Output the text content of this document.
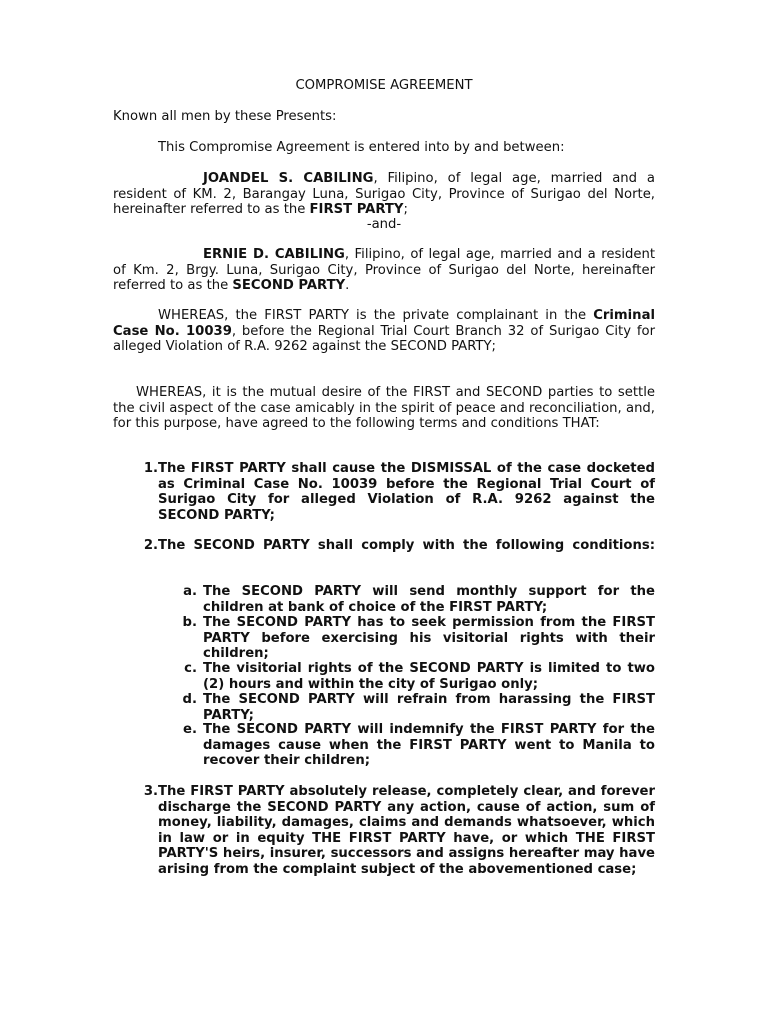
COMPROMISE AGREEMENT
Known all men by these Presents:
This Compromise Agreement is entered into by and between:
JOANDEL S. CABILING, Filipino, of legal age, married and a resident of KM. 2, Barangay Luna, Surigao City, Province of Surigao del Norte, hereinafter referred to as the FIRST PARTY;
-and-
ERNIE D. CABILING, Filipino, of legal age, married and a resident of Km. 2, Brgy. Luna, Surigao City, Province of Surigao del Norte, hereinafter referred to as the SECOND PARTY.
WHEREAS, the FIRST PARTY is the private complainant in the Criminal Case No. 10039, before the Regional Trial Court Branch 32 of Surigao City for alleged Violation of R.A. 9262 against the SECOND PARTY;
WHEREAS, it is the mutual desire of the FIRST and SECOND parties to settle the civil aspect of the case amicably in the spirit of peace and reconciliation, and, for this purpose, have agreed to the following terms and conditions THAT:
1. The FIRST PARTY shall cause the DISMISSAL of the case docketed as Criminal Case No. 10039 before the Regional Trial Court of Surigao City for alleged Violation of R.A. 9262 against the SECOND PARTY;
2. The SECOND PARTY shall comply with the following conditions:
a. The SECOND PARTY will send monthly support for the children at bank of choice of the FIRST PARTY;
b. The SECOND PARTY has to seek permission from the FIRST PARTY before exercising his visitorial rights with their children;
c. The visitorial rights of the SECOND PARTY is limited to two (2) hours and within the city of Surigao only;
d. The SECOND PARTY will refrain from harassing the FIRST PARTY;
e. The SECOND PARTY will indemnify the FIRST PARTY for the damages cause when the FIRST PARTY went to Manila to recover their children;
3. The FIRST PARTY absolutely release, completely clear, and forever discharge the SECOND PARTY any action, cause of action, sum of money, liability, damages, claims and demands whatsoever, which in law or in equity THE FIRST PARTY have, or which THE FIRST PARTY'S heirs, insurer, successors and assigns hereafter may have arising from the complaint subject of the abovementioned case;
